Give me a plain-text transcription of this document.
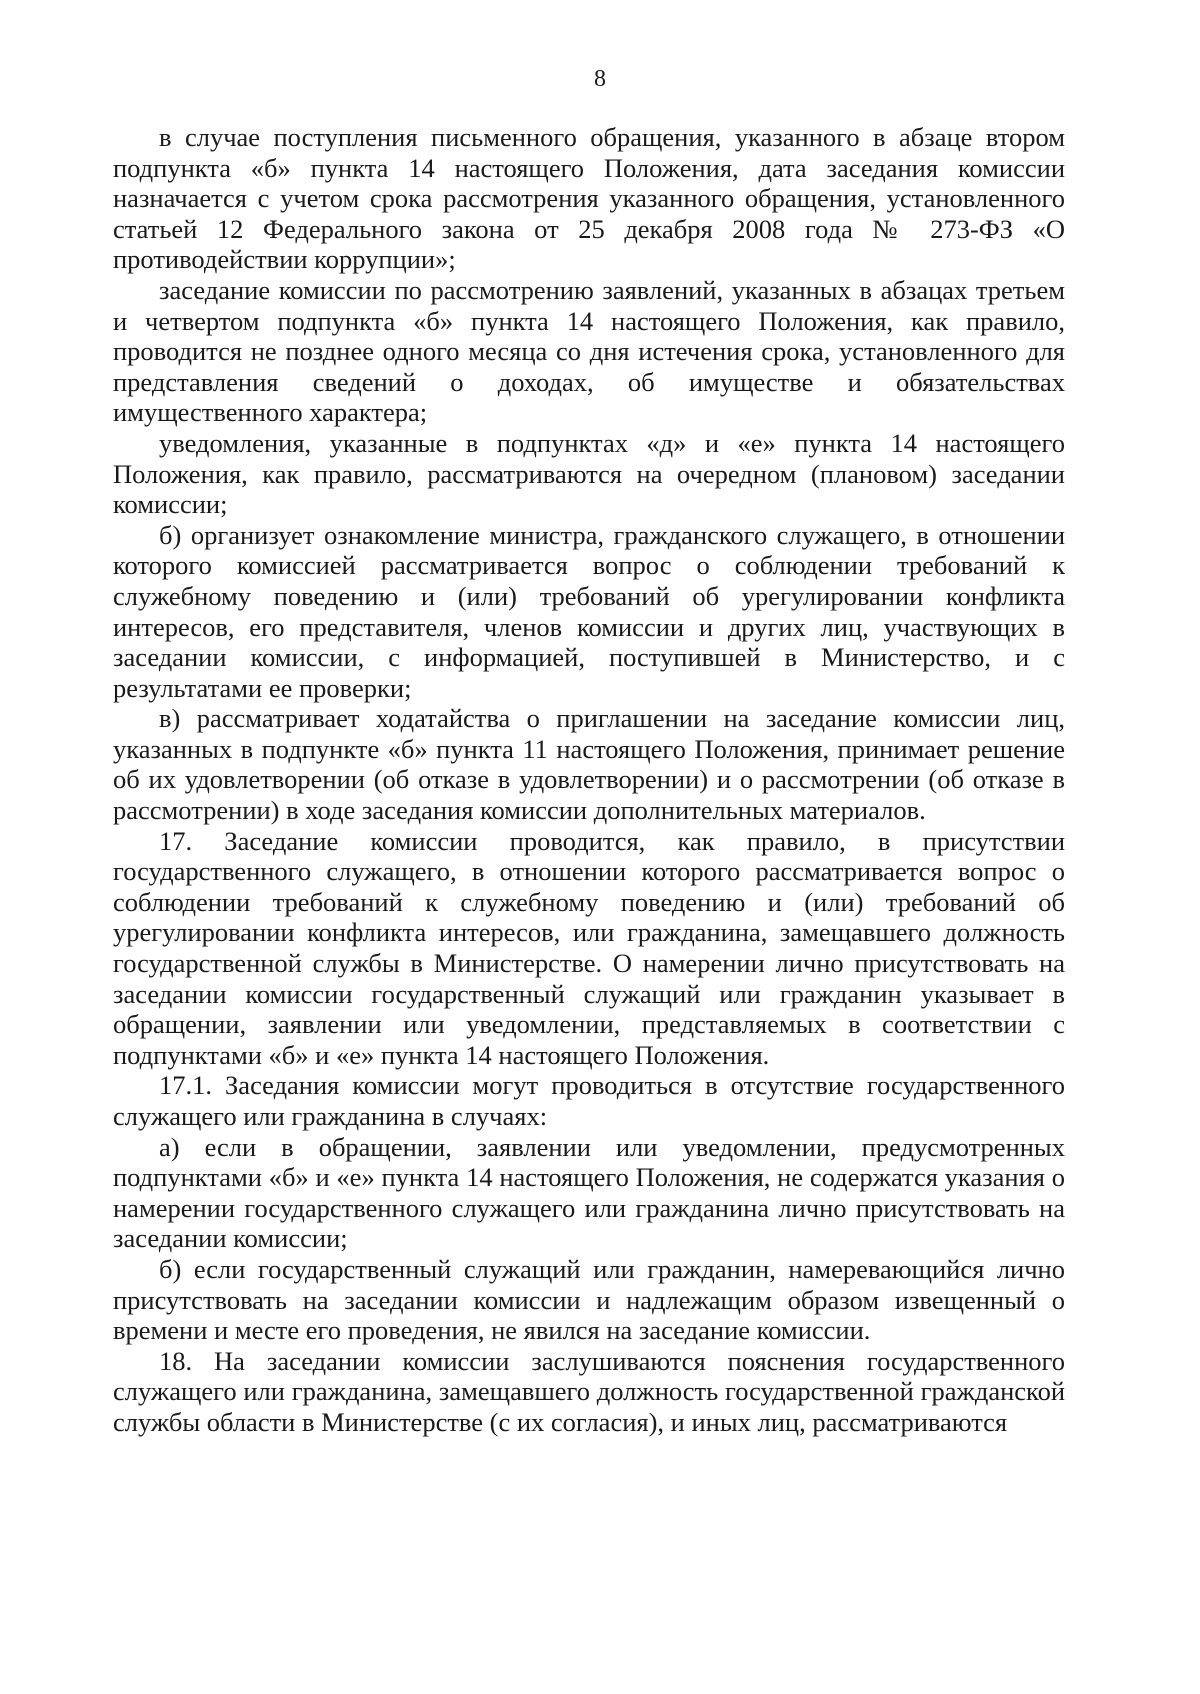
8

в случае поступления письменного обращения, указанного в абзаце втором подпункта «б» пункта 14 настоящего Положения, дата заседания комиссии назначается с учетом срока рассмотрения указанного обращения, установленного статьей 12 Федерального закона от 25 декабря 2008 года № 273-ФЗ «О противодействии коррупции»;

заседание комиссии по рассмотрению заявлений, указанных в абзацах третьем и четвертом подпункта «б» пункта 14 настоящего Положения, как правило, проводится не позднее одного месяца со дня истечения срока, установленного для представления сведений о доходах, об имуществе и обязательствах имущественного характера;

уведомления, указанные в подпунктах «д» и «е» пункта 14 настоящего Положения, как правило, рассматриваются на очередном (плановом) заседании комиссии;

б) организует ознакомление министра, гражданского служащего, в отношении которого комиссией рассматривается вопрос о соблюдении требований к служебному поведению и (или) требований об урегулировании конфликта интересов, его представителя, членов комиссии и других лиц, участвующих в заседании комиссии, с информацией, поступившей в Министерство, и с результатами ее проверки;

в) рассматривает ходатайства о приглашении на заседание комиссии лиц, указанных в подпункте «б» пункта 11 настоящего Положения, принимает решение об их удовлетворении (об отказе в удовлетворении) и о рассмотрении (об отказе в рассмотрении) в ходе заседания комиссии дополнительных материалов.

17. Заседание комиссии проводится, как правило, в присутствии государственного служащего, в отношении которого рассматривается вопрос о соблюдении требований к служебному поведению и (или) требований об урегулировании конфликта интересов, или гражданина, замещавшего должность государственной службы в Министерстве. О намерении лично присутствовать на заседании комиссии государственный служащий или гражданин указывает в обращении, заявлении или уведомлении, представляемых в соответствии с подпунктами «б» и «е» пункта 14 настоящего Положения.

17.1. Заседания комиссии могут проводиться в отсутствие государственного служащего или гражданина в случаях:

а) если в обращении, заявлении или уведомлении, предусмотренных подпунктами «б» и «е» пункта 14 настоящего Положения, не содержатся указания о намерении государственного служащего или гражданина лично присутствовать на заседании комиссии;

б) если государственный служащий или гражданин, намеревающийся лично присутствовать на заседании комиссии и надлежащим образом извещенный о времени и месте его проведения, не явился на заседание комиссии.

18. На заседании комиссии заслушиваются пояснения государственного служащего или гражданина, замещавшего должность государственной гражданской службы области в Министерстве (с их согласия), и иных лиц, рассматриваются
